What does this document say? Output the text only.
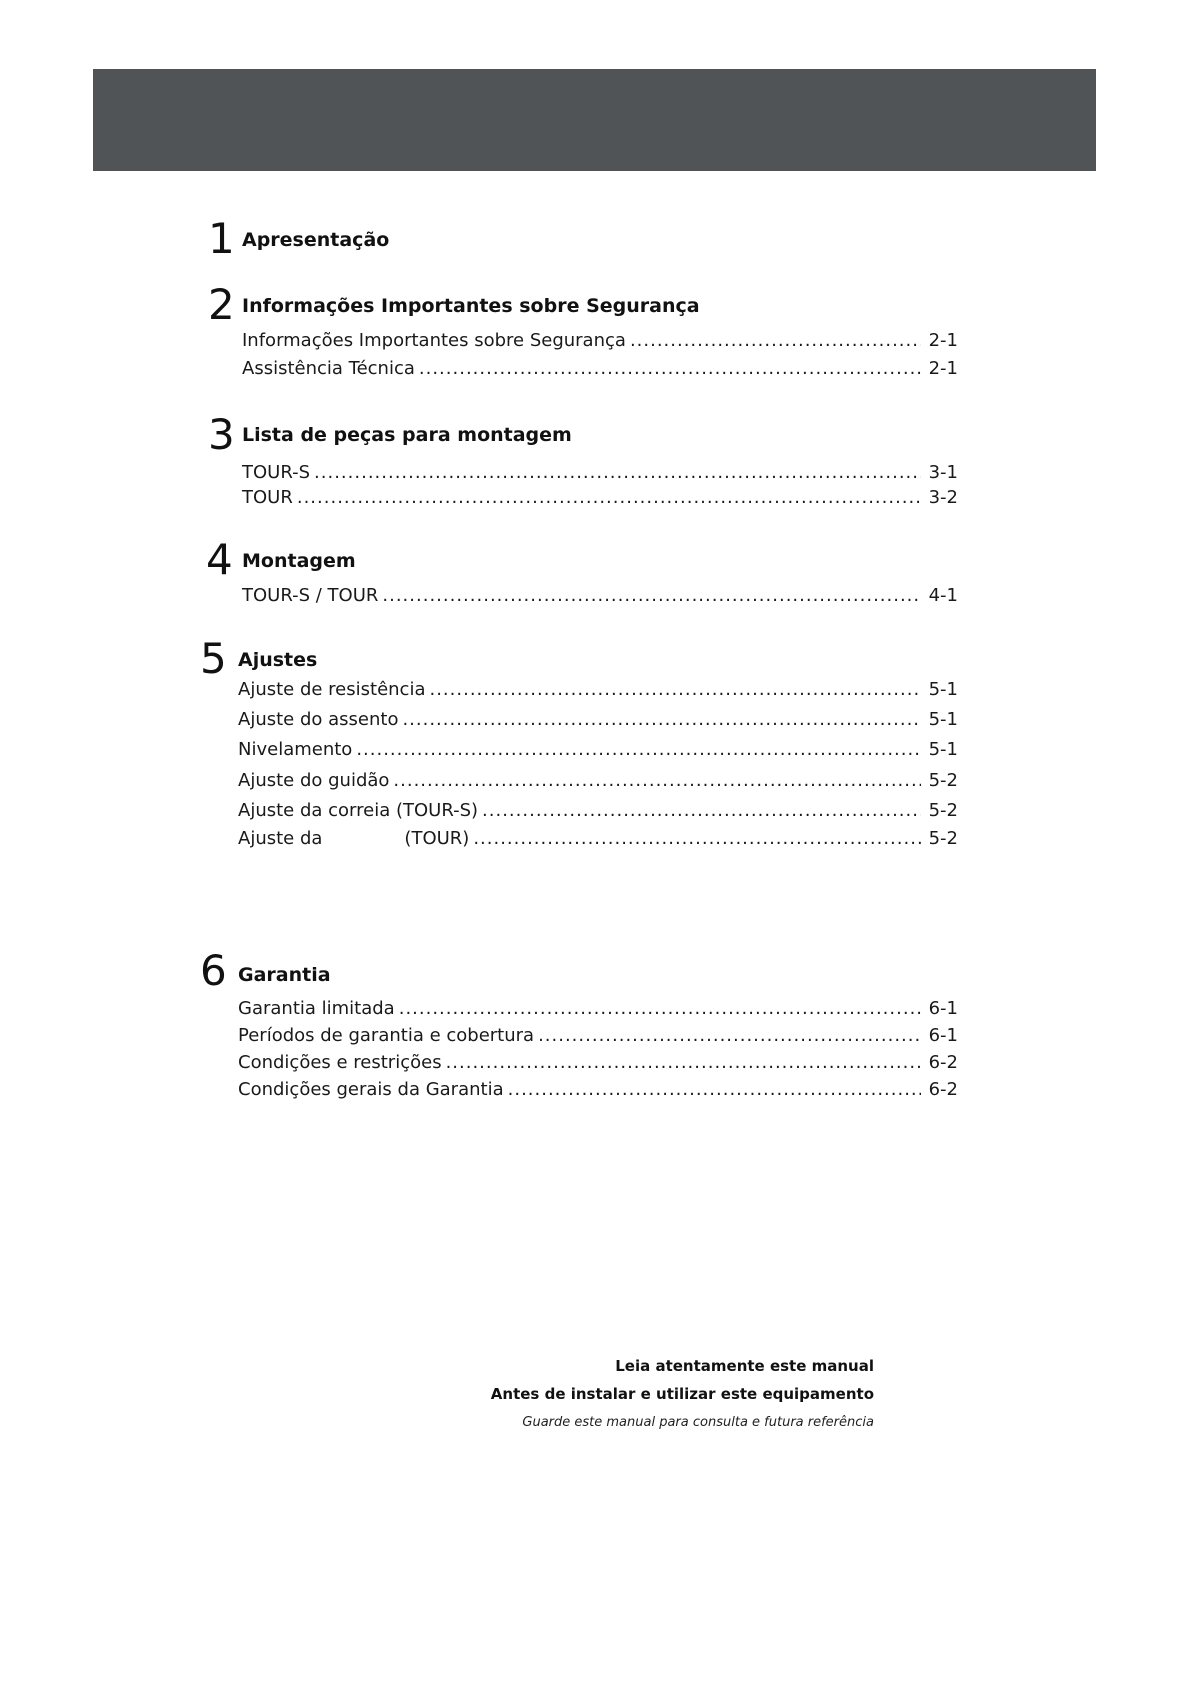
1 Apresentação
2 Informações Importantes sobre Segurança
Informações Importantes sobre Segurança .....	2-1
Assistência Técnica .....	2-1
3 Lista de peças para montagem
TOUR-S .....	3-1
TOUR .....	3-2
4 Montagem
TOUR-S / TOUR .....	4-1
5 Ajustes
Ajuste de resistência .....	5-1
Ajuste do assento .....	5-1
Nivelamento .....	5-1
Ajuste do guidão .....	5-2
Ajuste da correia (TOUR-S) .....	5-2
Ajuste da	(TOUR) .....	5-2
6 Garantia
Garantia limitada .....	6-1
Períodos de garantia e cobertura .....	6-1
Condições e restrições .....	6-2
Condições gerais da Garantia .....	6-2
Leia atentamente este manual
Antes de instalar e utilizar este equipamento
Guarde este manual para consulta e futura referência
